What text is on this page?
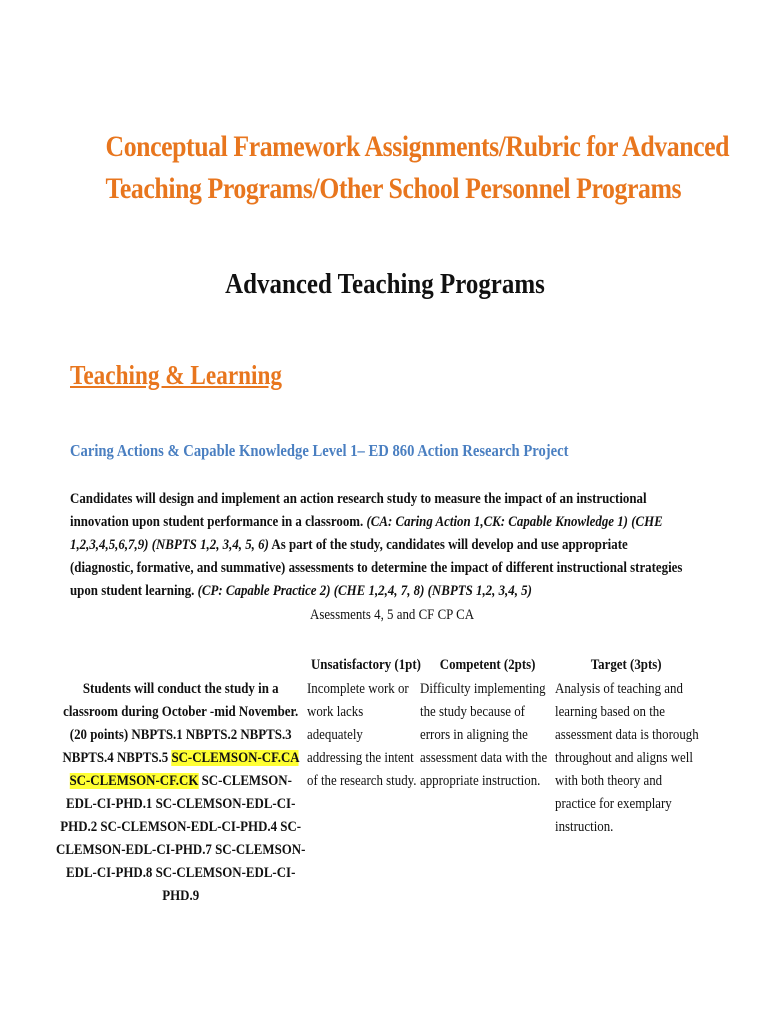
Conceptual Framework Assignments/Rubric for Advanced
Teaching Programs/Other School Personnel Programs
Advanced Teaching Programs
Teaching & Learning
Caring Actions & Capable Knowledge Level 1– ED 860 Action Research Project
Candidates will design and implement an action research study to measure the impact of an instructional innovation upon student performance in a classroom. (CA: Caring Action 1,CK: Capable Knowledge 1) (CHE 1,2,3,4,5,6,7,9) (NBPTS 1,2, 3,4, 5, 6) As part of the study, candidates will develop and use appropriate (diagnostic, formative, and summative) assessments to determine the impact of different instructional strategies upon student learning. (CP: Capable Practice 2) (CHE 1,2,4, 7, 8) (NBPTS 1,2, 3,4, 5)
Asessments 4, 5 and CF CP CA
Unsatisfactory (1pt)	Competent (2pts)	Target (3pts)
Students will conduct the study in a classroom during October -mid November. (20 points) NBPTS.1 NBPTS.2 NBPTS.3 NBPTS.4 NBPTS.5 SC-CLEMSON-CF.CA SC-CLEMSON-CF.CK SC-CLEMSON-EDL-CI-PHD.1 SC-CLEMSON-EDL-CI-PHD.2 SC-CLEMSON-EDL-CI-PHD.4 SC-CLEMSON-EDL-CI-PHD.7 SC-CLEMSON-EDL-CI-PHD.8 SC-CLEMSON-EDL-CI-PHD.9
Incomplete work or work lacks adequately addressing the intent of the research study.
Difficulty implementing the study because of errors in aligning the assessment data with the appropriate instruction.
Analysis of teaching and learning based on the assessment data is thorough throughout and aligns well with both theory and practice for exemplary instruction.
